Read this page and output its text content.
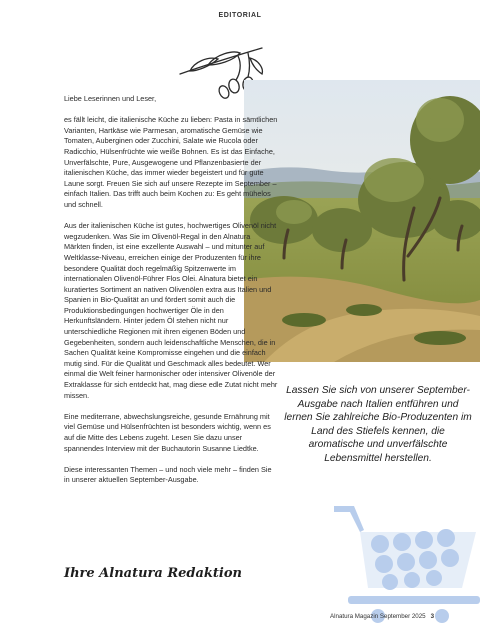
EDITORIAL

Liebe Leserinnen und Leser,

es fällt leicht, die italienische Küche zu lieben: Pasta in sämtlichen Varianten, Hartkäse wie Parmesan, aromatische Gemüse wie Tomaten, Auberginen oder Zucchini, Salate wie Rucola oder Radicchio, Hülsenfrüchte wie weiße Bohnen. Es ist das Einfache, Unverfälschte, Pure, Ausgewogene und Pflanzenbasierte der italienischen Küche, das immer wieder begeistert und für gute Laune sorgt. Freuen Sie sich auf unsere Rezepte im September – einfach Italien. Das trifft auch beim Kochen zu: Es geht mühelos und schnell.

Aus der italienischen Küche ist gutes, hochwertiges Olivenöl nicht wegzudenken. Was Sie im Olivenöl-Regal in den Alnatura Märkten finden, ist eine exzellente Auswahl – und mitunter auf Weltklasse-Niveau, erreichen einige der Produzenten für ihre besondere Qualität doch regelmäßig Spitzenwerte im internationalen Olivenöl-Führer Flos Olei. Alnatura bietet ein kuratiertes Sortiment an nativen Olivenölen extra aus Italien und Spanien in Bio-Qualität an und fördert somit auch die Produktionsbedingungen hochwertiger Öle in den Herkunftsländern. Hinter jedem Öl stehen nicht nur unterschiedliche Regionen mit ihren eigenen Böden und Gegebenheiten, sondern auch leidenschaftliche Menschen, die in Sachen Qualität keine Kompromisse eingehen und die einfach mutig sind. Für die Qualität und Geschmack alles bedeutet. Wer einmal die Welt feiner harmonischer oder intensiver Olivenöle der Extraklasse für sich entdeckt hat, mag diese edle Zutat nicht mehr missen.

Eine mediterrane, abwechslungsreiche, gesunde Ernährung mit viel Gemüse und Hülsenfrüchten ist besonders wichtig, wenn es auf die Mitte des Lebens zugeht. Lesen Sie dazu unser spannendes Interview mit der Buchautorin Susanne Liedtke.

Diese interessanten Themen – und noch viele mehr – finden Sie in unserer aktuellen September-Ausgabe.

Lassen Sie sich von unserer September-Ausgabe nach Italien entführen und lernen Sie zahlreiche Bio-Produzenten im Land des Stiefels kennen, die aromatische und unverfälschte Lebensmittel herstellen.
Ihre Alnatura Redaktion
Alnatura Magazin September 2025 3
